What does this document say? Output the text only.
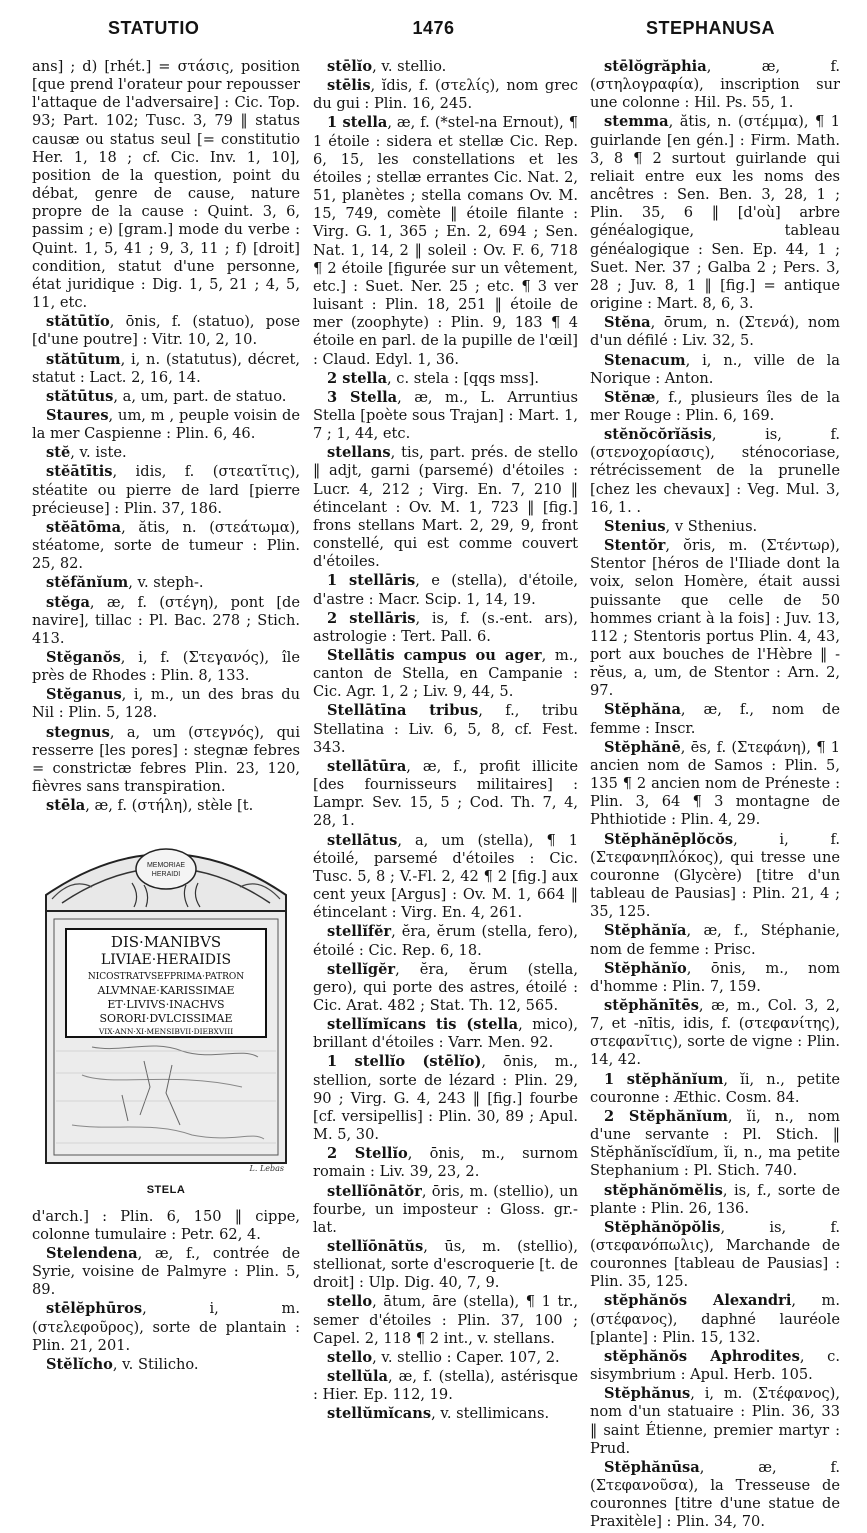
STATUTIO	1476	STEPHANUSA

ans] ; d) [rhét.] = στάσις, position [que prend l'orateur pour repousser l'attaque de l'adversaire] : Cic. Top. 93; Part. 102; Tusc. 3, 79 ‖ status causæ ou status seul [= constitutio Her. 1, 18 ; cf. Cic. Inv. 1, 10], position de la question, point du débat, genre de cause, nature propre de la cause : Quint. 3, 6, passim ; e) [gram.] mode du verbe : Quint. 1, 5, 41 ; 9, 3, 11 ; f) [droit] condition, statut d'une personne, état juridique : Dig. 1, 5, 21 ; 4, 5, 11, etc.

stătūtĭo, ōnis, f. (statuo), pose [d'une poutre] : Vitr. 10, 2, 10.

stătūtum, i, n. (statutus), décret, statut : Lact. 2, 16, 14.

stătūtus, a, um, part. de statuo.

Staures, um, m , peuple voisin de la mer Caspienne : Plin. 6, 46.

stĕ, v. iste.

stĕātītis, idis, f. (στεατῖτις), stéatite ou pierre de lard [pierre précieuse] : Plin. 37, 186.

stĕātōma, ătis, n. (στεάτωμα), stéatome, sorte de tumeur : Plin. 25, 82.

stĕfănĭum, v. steph-.

stĕga, æ, f. (στέγη), pont [de navire], tillac : Pl. Bac. 278 ; Stich. 413.

Stĕganŏs, i, f. (Στεγανός), île près de Rhodes : Plin. 8, 133.

Stĕganus, i, m., un des bras du Nil : Plin. 5, 128.

stegnus, a, um (στεγνός), qui resserre [les pores] : stegnæ febres = constrictæ febres Plin. 23, 120, fièvres sans transpiration.

stēla, æ, f. (στήλη), stèle [t.

MEMORIAE
HERAIDI
DIS·MANIBVS
LIVIAE·HERAIDIS
NICOSTRATVSEFPRIMA·PATRON
ALVMNAE·KARISSIMAE
ET·LIVIVS·INACHVS
SORORI·DVLCISSIMAE
VIX·ANN·XI·MENSIBVII·DIEBXVIII
L. Lebas
STELA

d'arch.] : Plin. 6, 150 ‖ cippe, colonne tumulaire : Petr. 62, 4.

Stelendena, æ, f., contrée de Syrie, voisine de Palmyre : Plin. 5, 89.

stēlĕphūros, i, m. (στελεφοῦρος), sorte de plantain : Plin. 21, 201.

Stĕlĭcho, v. Stilicho.

stēlĭo, v. stellio.

stēlis, ĭdis, f. (στελίς), nom grec du gui : Plin. 16, 245.

1 stella, æ, f. (*stel-na Ernout), ¶ 1 étoile : sidera et stellæ Cic. Rep. 6, 15, les constellations et les étoiles ; stellæ errantes Cic. Nat. 2, 51, planètes ; stella comans Ov. M. 15, 749, comète ‖ étoile filante : Virg. G. 1, 365 ; En. 2, 694 ; Sen. Nat. 1, 14, 2 ‖ soleil : Ov. F. 6, 718 ¶ 2 étoile [figurée sur un vêtement, etc.] : Suet. Ner. 25 ; etc. ¶ 3 ver luisant : Plin. 18, 251 ‖ étoile de mer (zoophyte) : Plin. 9, 183 ¶ 4 étoile en parl. de la pupille de l'œil] : Claud. Edyl. 1, 36.

2 stella, c. stela : [qqs mss].

3 Stella, æ, m., L. Arruntius Stella [poète sous Trajan] : Mart. 1, 7 ; 1, 44, etc.

stellans, tis, part. prés. de stello ‖ adjt, garni (parsemé) d'étoiles : Lucr. 4, 212 ; Virg. En. 7, 210 ‖ étincelant : Ov. M. 1, 723 ‖ [fig.] frons stellans Mart. 2, 29, 9, front constellé, qui est comme couvert d'étoiles.

1 stellāris, e (stella), d'étoile, d'astre : Macr. Scip. 1, 14, 19.

2 stellāris, is, f. (s.-ent. ars), astrologie : Tert. Pall. 6.

Stellātis campus ou ager, m., canton de Stella, en Campanie : Cic. Agr. 1, 2 ; Liv. 9, 44, 5.

Stellātīna tribus, f., tribu Stellatina : Liv. 6, 5, 8, cf. Fest. 343.

stellātūra, æ, f., profit illicite [des fournisseurs militaires] : Lampr. Sev. 15, 5 ; Cod. Th. 7, 4, 28, 1.

stellātus, a, um (stella), ¶ 1 étoilé, parsemé d'étoiles : Cic. Tusc. 5, 8 ; V.-Fl. 2, 42 ¶ 2 [fig.] aux cent yeux [Argus] : Ov. M. 1, 664 ‖ étincelant : Virg. En. 4, 261.

stellĭfĕr, ĕra, ĕrum (stella, fero), étoilé : Cic. Rep. 6, 18.

stellĭgĕr, ĕra, ĕrum (stella, gero), qui porte des astres, étoilé : Cic. Arat. 482 ; Stat. Th. 12, 565.

stellĭmĭcans tis (stella, mico), brillant d'étoiles : Varr. Men. 92.

1 stellĭo (stēlĭo), ōnis, m., stellion, sorte de lézard : Plin. 29, 90 ; Virg. G. 4, 243 ‖ [fig.] fourbe [cf. versipellis] : Plin. 30, 89 ; Apul. M. 5, 30.

2 Stellĭo, ōnis, m., surnom romain : Liv. 39, 23, 2.

stellĭōnātŏr, ōris, m. (stellio), un fourbe, un imposteur : Gloss. gr.-lat.

stellĭōnātŭs, ūs, m. (stellio), stellionat, sorte d'escroquerie [t. de droit] : Ulp. Dig. 40, 7, 9.

stello, ātum, āre (stella), ¶ 1 tr., semer d'étoiles : Plin. 37, 100 ; Capel. 2, 118 ¶ 2 int., v. stellans.

stello, v. stellio : Caper. 107, 2.

stellŭla, æ, f. (stella), astérisque : Hier. Ep. 112, 19.

stellŭmĭcans, v. stellimicans.

stēlŏgrăphia, æ, f. (στηλογραφία), inscription sur une colonne : Hil. Ps. 55, 1.

stemma, ătis, n. (στέμμα), ¶ 1 guirlande [en gén.] : Firm. Math. 3, 8 ¶ 2 surtout guirlande qui reliait entre eux les noms des ancêtres : Sen. Ben. 3, 28, 1 ; Plin. 35, 6 ‖ [d'où] arbre généalogique, tableau généalogique : Sen. Ep. 44, 1 ; Suet. Ner. 37 ; Galba 2 ; Pers. 3, 28 ; Juv. 8, 1 ‖ [fig.] = antique origine : Mart. 8, 6, 3.

Stĕna, ōrum, n. (Στενά), nom d'un défilé : Liv. 32, 5.

Stenacum, i, n., ville de la Norique : Anton.

Stĕnæ, f., plusieurs îles de la mer Rouge : Plin. 6, 169.

stĕnŏcŏrĭăsis, is, f. (στενοχορίασις), sténocoriase, rétrécissement de la prunelle [chez les chevaux] : Veg. Mul. 3, 16, 1. .

Stenius, v Sthenius.

Stentŏr, ŏris, m. (Στέντωρ), Stentor [héros de l'Iliade dont la voix, selon Homère, était aussi puissante que celle de 50 hommes criant à la fois] : Juv. 13, 112 ; Stentoris portus Plin. 4, 43, port aux bouches de l'Hèbre ‖ -rĕus, a, um, de Stentor : Arn. 2, 97.

Stĕphăna, æ, f., nom de femme : Inscr.

Stĕphănē, ēs, f. (Στεφάνη), ¶ 1 ancien nom de Samos : Plin. 5, 135 ¶ 2 ancien nom de Préneste : Plin. 3, 64 ¶ 3 montagne de Phthiotide : Plin. 4, 29.

Stĕphănēplŏcŏs, i, f. (Στεφανηπλόκος), qui tresse une couronne (Glycère) [titre d'un tableau de Pausias] : Plin. 21, 4 ; 35, 125.

Stĕphănĭa, æ, f., Stéphanie, nom de femme : Prisc.

Stĕphănĭo, ōnis, m., nom d'homme : Plin. 7, 159.

stĕphănītēs, æ, m., Col. 3, 2, 7, et -nītis, idis, f. (στεφανίτης), στεφανῖτις), sorte de vigne : Plin. 14, 42.

1 stĕphănĭum, ĭi, n., petite couronne : Æthic. Cosm. 84.

2 Stĕphănĭum, ĭi, n., nom d'une servante : Pl. Stich. ‖ Stĕphănĭscĭdĭum, ĭi, n., ma petite Stephanium : Pl. Stich. 740.

stĕphănŏmĕlis, is, f., sorte de plante : Plin. 26, 136.

Stĕphănŏpŏlis, is, f. (στεφανόπωλις), Marchande de couronnes [tableau de Pausias] : Plin. 35, 125.

stĕphănŏs Alexandri, m. (στέφανος), daphné lauréole [plante] : Plin. 15, 132.

stĕphănŏs Aphrodites, c. sisymbrium : Apul. Herb. 105.

Stĕphănus, i, m. (Στέφανος), nom d'un statuaire : Plin. 36, 33 ‖ saint Étienne, premier martyr : Prud.

Stĕphănūsa, æ, f. (Στεφανοῦσα), la Tresseuse de couronnes [titre d'une statue de Praxitèle] : Plin. 34, 70.
